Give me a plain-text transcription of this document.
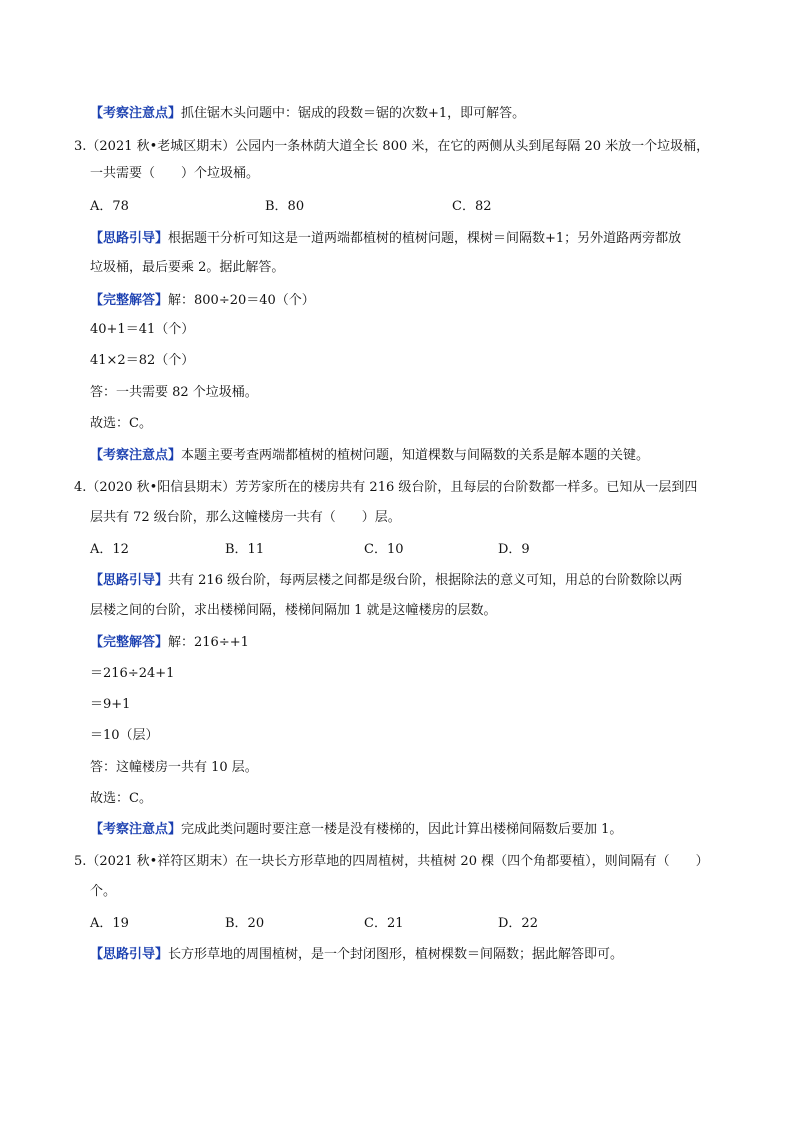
【考察注意点】抓住锯木头问题中：锯成的段数＝锯的次数+1，即可解答。
3.（2021 秋•老城区期末）公园内一条林荫大道全长 800 米，在它的两侧从头到尾每隔 20 米放一个垃圾桶，
一共需要（　　）个垃圾桶。
A．78	B．80	C．82
【思路引导】根据题干分析可知这是一道两端都植树的植树问题，棵树＝间隔数+1；另外道路两旁都放
垃圾桶，最后要乘 2。据此解答。
【完整解答】解：800÷20＝40（个）
40+1＝41（个）
41×2＝82（个）
答：一共需要 82 个垃圾桶。
故选：C。
【考察注意点】本题主要考查两端都植树的植树问题，知道棵数与间隔数的关系是解本题的关键。
4.（2020 秋•阳信县期末）芳芳家所在的楼房共有 216 级台阶，且每层的台阶数都一样多。已知从一层到四
层共有 72 级台阶，那么这幢楼房一共有（　　）层。
A．12	B．11	C．10	D．9
【思路引导】共有 216 级台阶，每两层楼之间都是级台阶，根据除法的意义可知，用总的台阶数除以两
层楼之间的台阶，求出楼梯间隔，楼梯间隔加 1 就是这幢楼房的层数。
【完整解答】解：216÷+1
＝216÷24+1
＝9+1
＝10（层）
答：这幢楼房一共有 10 层。
故选：C。
【考察注意点】完成此类问题时要注意一楼是没有楼梯的，因此计算出楼梯间隔数后要加 1。
5.（2021 秋•祥符区期末）在一块长方形草地的四周植树，共植树 20 棵（四个角都要植），则间隔有（　　）
个。
A．19	B．20	C．21	D．22
【思路引导】长方形草地的周围植树，是一个封闭图形，植树棵数＝间隔数；据此解答即可。
